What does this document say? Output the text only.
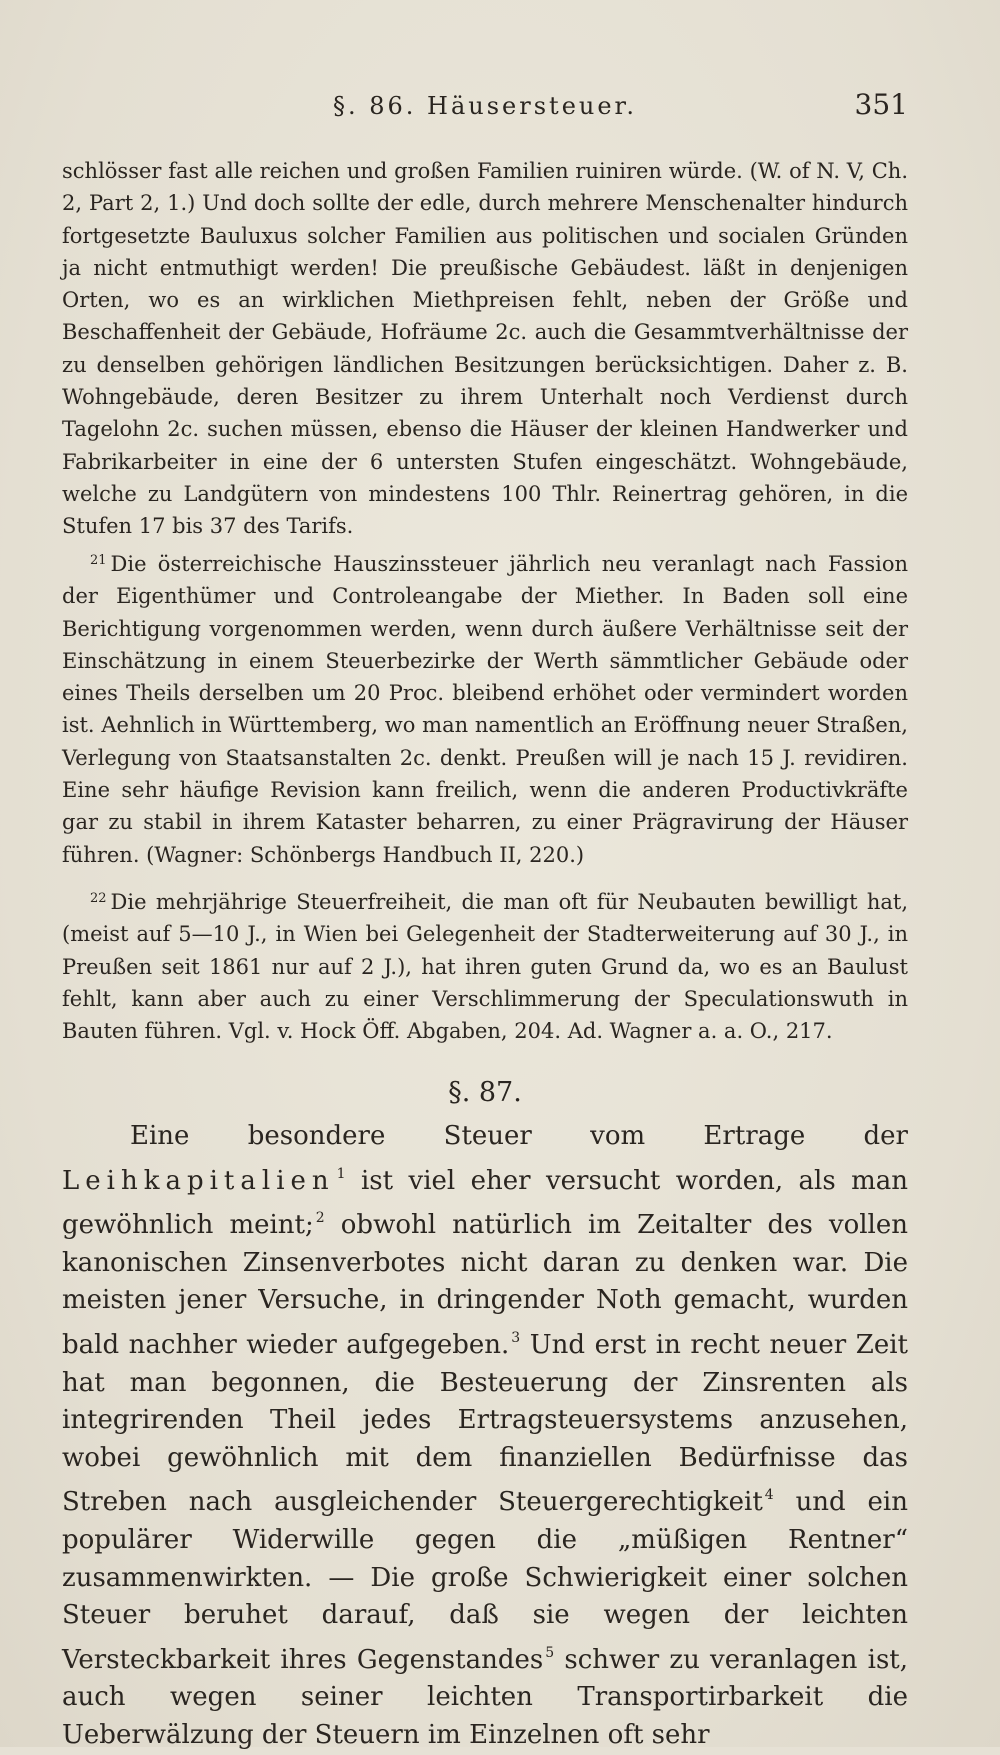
§. 86. Häusersteuer.	351
schlösser fast alle reichen und großen Familien ruiniren würde. (W. of N. V, Ch. 2, Part 2, 1.) Und doch sollte der edle, durch mehrere Menschenalter hindurch fortgesetzte Bauluxus solcher Familien aus politischen und socialen Gründen ja nicht entmuthigt werden! Die preußische Gebäudest. läßt in denjenigen Orten, wo es an wirklichen Miethpreisen fehlt, neben der Größe und Beschaffenheit der Gebäude, Hofräume 2c. auch die Gesammtverhältnisse der zu denselben gehörigen ländlichen Besitzungen berücksichtigen. Daher z. B. Wohngebäude, deren Besitzer zu ihrem Unterhalt noch Verdienst durch Tagelohn 2c. suchen müssen, ebenso die Häuser der kleinen Handwerker und Fabrikarbeiter in eine der 6 untersten Stufen eingeschätzt. Wohngebäude, welche zu Landgütern von mindestens 100 Thlr. Reinertrag gehören, in die Stufen 17 bis 37 des Tarifs.
$^{21}$ Die österreichische Hauszinssteuer jährlich neu veranlagt nach Fassion der Eigenthümer und Controleangabe der Miether. In Baden soll eine Berichtigung vorgenommen werden, wenn durch äußere Verhältnisse seit der Einschätzung in einem Steuerbezirke der Werth sämmtlicher Gebäude oder eines Theils derselben um 20 Proc. bleibend erhöhet oder vermindert worden ist. Aehnlich in Württemberg, wo man namentlich an Eröffnung neuer Straßen, Verlegung von Staatsanstalten 2c. denkt. Preußen will je nach 15 J. revidiren. Eine sehr häufige Revision kann freilich, wenn die anderen Productivkräfte gar zu stabil in ihrem Kataster beharren, zu einer Prägravirung der Häuser führen. (Wagner: Schönbergs Handbuch II, 220.)
$^{22}$ Die mehrjährige Steuerfreiheit, die man oft für Neubauten bewilligt hat, (meist auf 5—10 J., in Wien bei Gelegenheit der Stadterweiterung auf 30 J., in Preußen seit 1861 nur auf 2 J.), hat ihren guten Grund da, wo es an Baulust fehlt, kann aber auch zu einer Verschlimmerung der Speculationswuth in Bauten führen. Vgl. v. Hock Öff. Abgaben, 204. Ad. Wagner a. a. O., 217.
§. 87.
Eine besondere Steuer vom Ertrage der Leihkapitalien $^1$ ist viel eher versucht worden, als man gewöhnlich meint; $^2$ obwohl natürlich im Zeitalter des vollen kanonischen Zinsenverbotes nicht daran zu denken war. Die meisten jener Versuche, in dringender Noth gemacht, wurden bald nachher wieder aufgegeben. $^3$ Und erst in recht neuer Zeit hat man begonnen, die Besteuerung der Zinsrenten als integrirenden Theil jedes Ertragsteuersystems anzusehen, wobei gewöhnlich mit dem finanziellen Bedürfnisse das Streben nach ausgleichender Steuergerechtigkeit $^4$ und ein populärer Widerwille gegen die „müßigen Rentner“ zusammenwirkten. — Die große Schwierigkeit einer solchen Steuer beruhet darauf, daß sie wegen der leichten Versteckbarkeit ihres Gegenstandes $^5$ schwer zu veranlagen ist, auch wegen seiner leichten Transportirbarkeit die Ueberwälzung der Steuern im Einzelnen oft sehr
